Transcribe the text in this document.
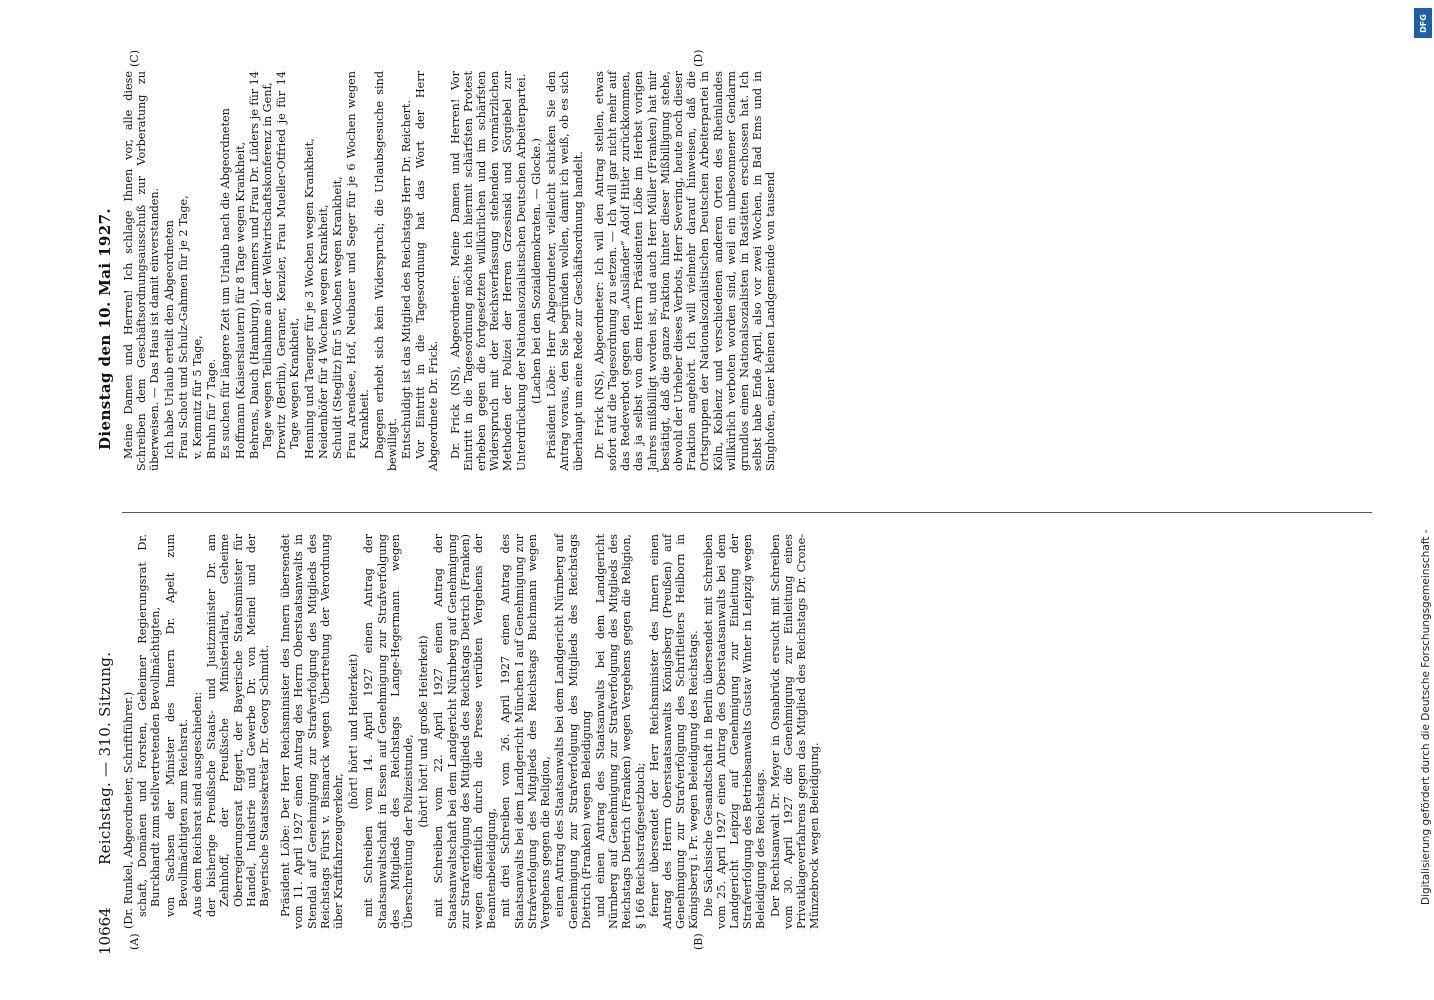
10664
Reichstag. — 310. Sitzung.
Dienstag den 10. Mai 1927.
(A)	(B)
(C)	(D)

(Dr. Runkel, Abgeordneter, Schriftführer.) schaft, Domänen und Forsten, Geheimer Regierungsrat Dr. Burckhardt zum stellvertretenden Bevollmächtigten, von Sachsen der Minister des Innern Dr. Apelt zum Bevollmächtigten zum Reichsrat. Aus dem Reichsrat sind ausgeschieden: der bisherige Preußische Staats- und Justizminister Dr. am Zehnhoff, der Preußische Ministerialrat, Geheime Oberregierungsrat Eggert, der Bayerische Staatsminister für Handel, Industrie und Gewerbe Dr. von Meinel und der Bayerische Staatssekretär Dr. Georg Schmidt. Präsident Löbe: Der Herr Reichsminister des Innern übersendet vom 11. April 1927 einen Antrag des Herrn Oberstaatsanwalts in Stendal auf Genehmigung zur Strafverfolgung des Mitglieds des Reichstags Fürst v. Bismarck wegen Übertretung der Verordnung über Kraftfahrzeugverkehr,

(hört! hört! und Heiterkeit) mit Schreiben vom 14. April 1927 einen Antrag der Staatsanwaltschaft in Essen auf Genehmigung zur Strafverfolgung des Mitglieds des Reichstags Lange-Hegermann wegen Überschreitung der Polizeistunde,

(hört! hört! und große Heiterkeit) mit Schreiben vom 22. April 1927 einen Antrag der Staatsanwaltschaft bei dem Landgericht Nürnberg auf Genehmigung zur Strafverfolgung des Mitglieds des Reichstags Dietrich (Franken) wegen öffentlich durch die Presse verübten Vergehens der Beamtenbeleidigung, mit drei Schreiben vom 26. April 1927 einen Antrag des Staatsanwalts bei dem Landgericht München I auf Genehmigung zur Strafverfolgung des Mitglieds des Reichstags Buchmann wegen Vergehens gegen die Religion, einen Antrag des Staatsanwalts bei dem Landgericht Nürnberg auf Genehmigung zur Strafverfolgung des Mitglieds des Reichstags Dietrich (Franken) wegen Beleidigung und einen Antrag des Staatsanwalts bei dem Landgericht Nürnberg auf Genehmigung zur Strafverfolgung des Mitglieds des Reichstags Dietrich (Franken) wegen Vergehens gegen die Religion, § 166 Reichsstrafgesetzbuch; ferner übersendet der Herr Reichsminister des Innern einen Antrag des Herrn Oberstaatsanwalts Königsberg (Preußen) auf Genehmigung zur Strafverfolgung des Schriftleiters Heilborn in Königsberg i. Pr. wegen Beleidigung des Reichstags. Die Sächsische Gesandtschaft in Berlin übersendet mit Schreiben vom 25. April 1927 einen Antrag des Oberstaatsanwalts bei dem Landgericht Leipzig auf Genehmigung zur Einleitung der Strafverfolgung des Betriebsanwalts Gustav Winter in Leipzig wegen Beleidigung des Reichstags. Der Rechtsanwalt Dr. Meyer in Osnabrück ersucht mit Schreiben vom 30. April 1927 die Genehmigung zur Einleitung eines Privatklageverfahrens gegen das Mitglied des Reichstags Dr. Crone-Münzebrock wegen Beleidigung.

Meine Damen und Herren! Ich schlage Ihnen vor, alle diese Schreiben dem Geschäftsordnungsausschuß zur Vorberatung zu überweisen. — Das Haus ist damit einverstanden. Ich habe Urlaub erteilt den Abgeordneten Frau Schott und Schulz-Gahmen für je 2 Tage, v. Kemnitz für 5 Tage, Bruhn für 7 Tage. Es suchen für längere Zeit um Urlaub nach die Abgeordneten Hoffmann (Kaiserslautern) für 8 Tage wegen Krankheit, Behrens, Dauch (Hamburg), Lammers und Frau Dr. Lüders je für 14 Tage wegen Teilnahme an der Weltwirtschaftskonferenz in Genf, Drewitz (Berlin), Geraner, Kenzler, Frau Mueller-Otfried je für 14 Tage wegen Krankheit, Henning und Taenger für je 3 Wochen wegen Krankheit, Neidenhöfer für 4 Wochen wegen Krankheit, Schuldt (Steglitz) für 5 Wochen wegen Krankheit, Frau Arendsee, Hof, Neubauer und Seger für je 6 Wochen wegen Krankheit. Dagegen erhebt sich kein Widerspruch; die Urlaubsgesuche sind bewilligt. Entschuldigt ist das Mitglied des Reichstags Herr Dr. Reichert. Vor Eintritt in die Tagesordnung hat das Wort der Herr Abgeordnete Dr. Frick. Dr. Frick (NS), Abgeordneter: Meine Damen und Herren! Vor Eintritt in die Tagesordnung möchte ich hiermit schärfsten Protest erheben gegen die fortgesetzten willkürlichen und im schärfsten Widerspruch mit der Reichsverfassung stehenden vormärzlichen Methoden der Polizei der Herren Grzesinski und Sörgiebel zur Unterdrückung der Nationalsozialistischen Deutschen Arbeiterpartei. (Lachen bei den Sozialdemokraten. — Glocke.) Präsident Löbe: Herr Abgeordneter, vielleicht schicken Sie den Antrag voraus, den Sie begründen wollen, damit ich weiß, ob es sich überhaupt um eine Rede zur Geschäftsordnung handelt. Dr. Frick (NS), Abgeordneter: Ich will den Antrag stellen, etwas sofort auf die Tagesordnung zu setzen. — Ich will gar nicht mehr auf das Redeverbot gegen den „Ausländer“ Adolf Hitler zurückkommen, das ja selbst von dem Herrn Präsidenten Löbe im Herbst vorigen Jahres mißbilligt worden ist, und auch Herr Müller (Franken) hat mir bestätigt, daß die ganze Fraktion hinter dieser Mißbilligung stehe, obwohl der Urheber dieses Verbots, Herr Severing, heute noch dieser Fraktion angehört. Ich will vielmehr darauf hinweisen, daß die Ortsgruppen der Nationalsozialistischen Deutschen Arbeiterpartei in Köln, Koblenz und verschiedenen anderen Orten des Rheinlandes willkürlich verboten worden sind, weil ein unbesonnener Gendarm grundlos einen Nationalsozialisten in Rastätten erschossen hat. Ich selbst habe Ende April, also vor zwei Wochen, in Bad Ems und in Singhofen, einer kleinen Landgemeinde von tausend

DFG
Digitalisierung gefördert durch die Deutsche Forschungsgemeinschaft -
